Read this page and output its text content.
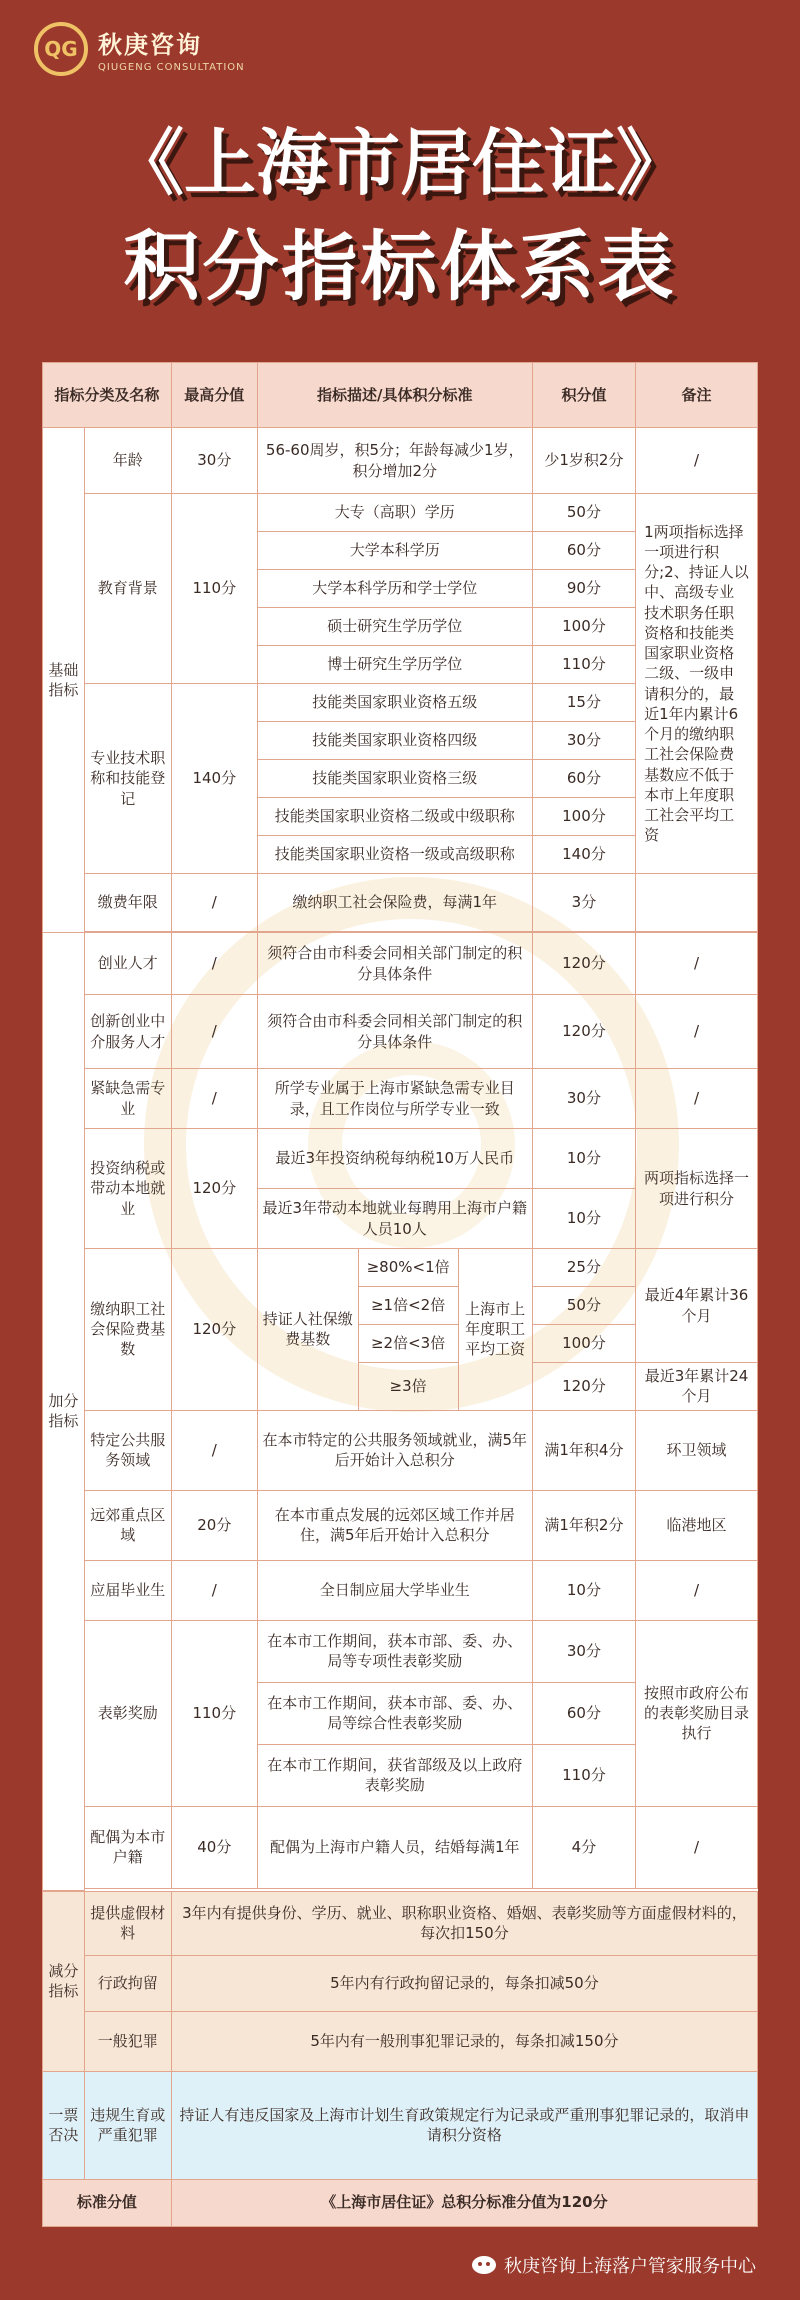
QG 秋庚咨询
QIUGENG CONSULTATION
《上海市居住证》
积分指标体系表
指标分类及名称		最高分值	指标描述/具体积分标准			积分值	备注
基础指标	年龄	30分	56-60周岁，积5分；年龄每减少1岁，积分增加2分			少1岁积2分	/
	教育背景	110分	大专（高职）学历			50分	1两项指标选择一项进行积分;2、持证人以中、高级专业技术职务任职资格和技能类国家职业资格二级、一级申请积分的，最近1年内累计6个月的缴纳职工社会保险费基数应不低于本市上年度职工社会平均工资
			大学本科学历			60分	
			大学本科学历和学士学位			90分	
			硕士研究生学历学位			100分	
			博士研究生学历学位			110分	
	专业技术职称和技能登记	140分	技能类国家职业资格五级			15分	
			技能类国家职业资格四级			30分	
			技能类国家职业资格三级			60分	
			技能类国家职业资格二级或中级职称			100分	
			技能类国家职业资格一级或高级职称			140分	
	缴费年限	/	缴纳职工社会保险费，每满1年			3分	

加分指标	创业人才	/	须符合由市科委会同相关部门制定的积分具体条件			120分	/
	创新创业中介服务人才	/	须符合由市科委会同相关部门制定的积分具体条件			120分	/
	紧缺急需专业	/	所学专业属于上海市紧缺急需专业目录，且工作岗位与所学专业一致			30分	/
	投资纳税或带动本地就业	120分	最近3年投资纳税每纳税10万人民币			10分	两项指标选择一项进行积分
			最近3年带动本地就业每聘用上海市户籍人员10人			10分	
	缴纳职工社会保险费基数	120分	持证人社保缴费基数	≥80%<1倍	上海市上年度职工平均工资	25分	最近4年累计36个月
				≥1倍<2倍		50分	
				≥2倍<3倍		100分	
				≥3倍		120分	最近3年累计24个月
	特定公共服务领域	/	在本市特定的公共服务领域就业，满5年后开始计入总积分			满1年积4分	环卫领域
	远郊重点区域	20分	在本市重点发展的远郊区域工作并居住，满5年后开始计入总积分			满1年积2分	临港地区
	应届毕业生	/	全日制应届大学毕业生			10分	/
	表彰奖励	110分	在本市工作期间，获本市部、委、办、局等专项性表彰奖励			30分	按照市政府公布的表彰奖励目录执行
			在本市工作期间，获本市部、委、办、局等综合性表彰奖励			60分	
			在本市工作期间，获省部级及以上政府表彰奖励			110分	
	配偶为本市户籍	40分	配偶为上海市户籍人员，结婚每满1年			4分	/

减分指标	提供虚假材料	3年内有提供身份、学历、就业、职称职业资格、婚姻、表彰奖励等方面虚假材料的，每次扣150分					
	行政拘留	5年内有行政拘留记录的，每条扣减50分					
	一般犯罪	5年内有一般刑事犯罪记录的，每条扣减150分					
一票否决	违规生育或严重犯罪	持证人有违反国家及上海市计划生育政策规定行为记录或严重刑事犯罪记录的，取消申请积分资格					
标准分值		《上海市居住证》总积分标准分值为120分					
秋庚咨询上海落户管家服务中心
